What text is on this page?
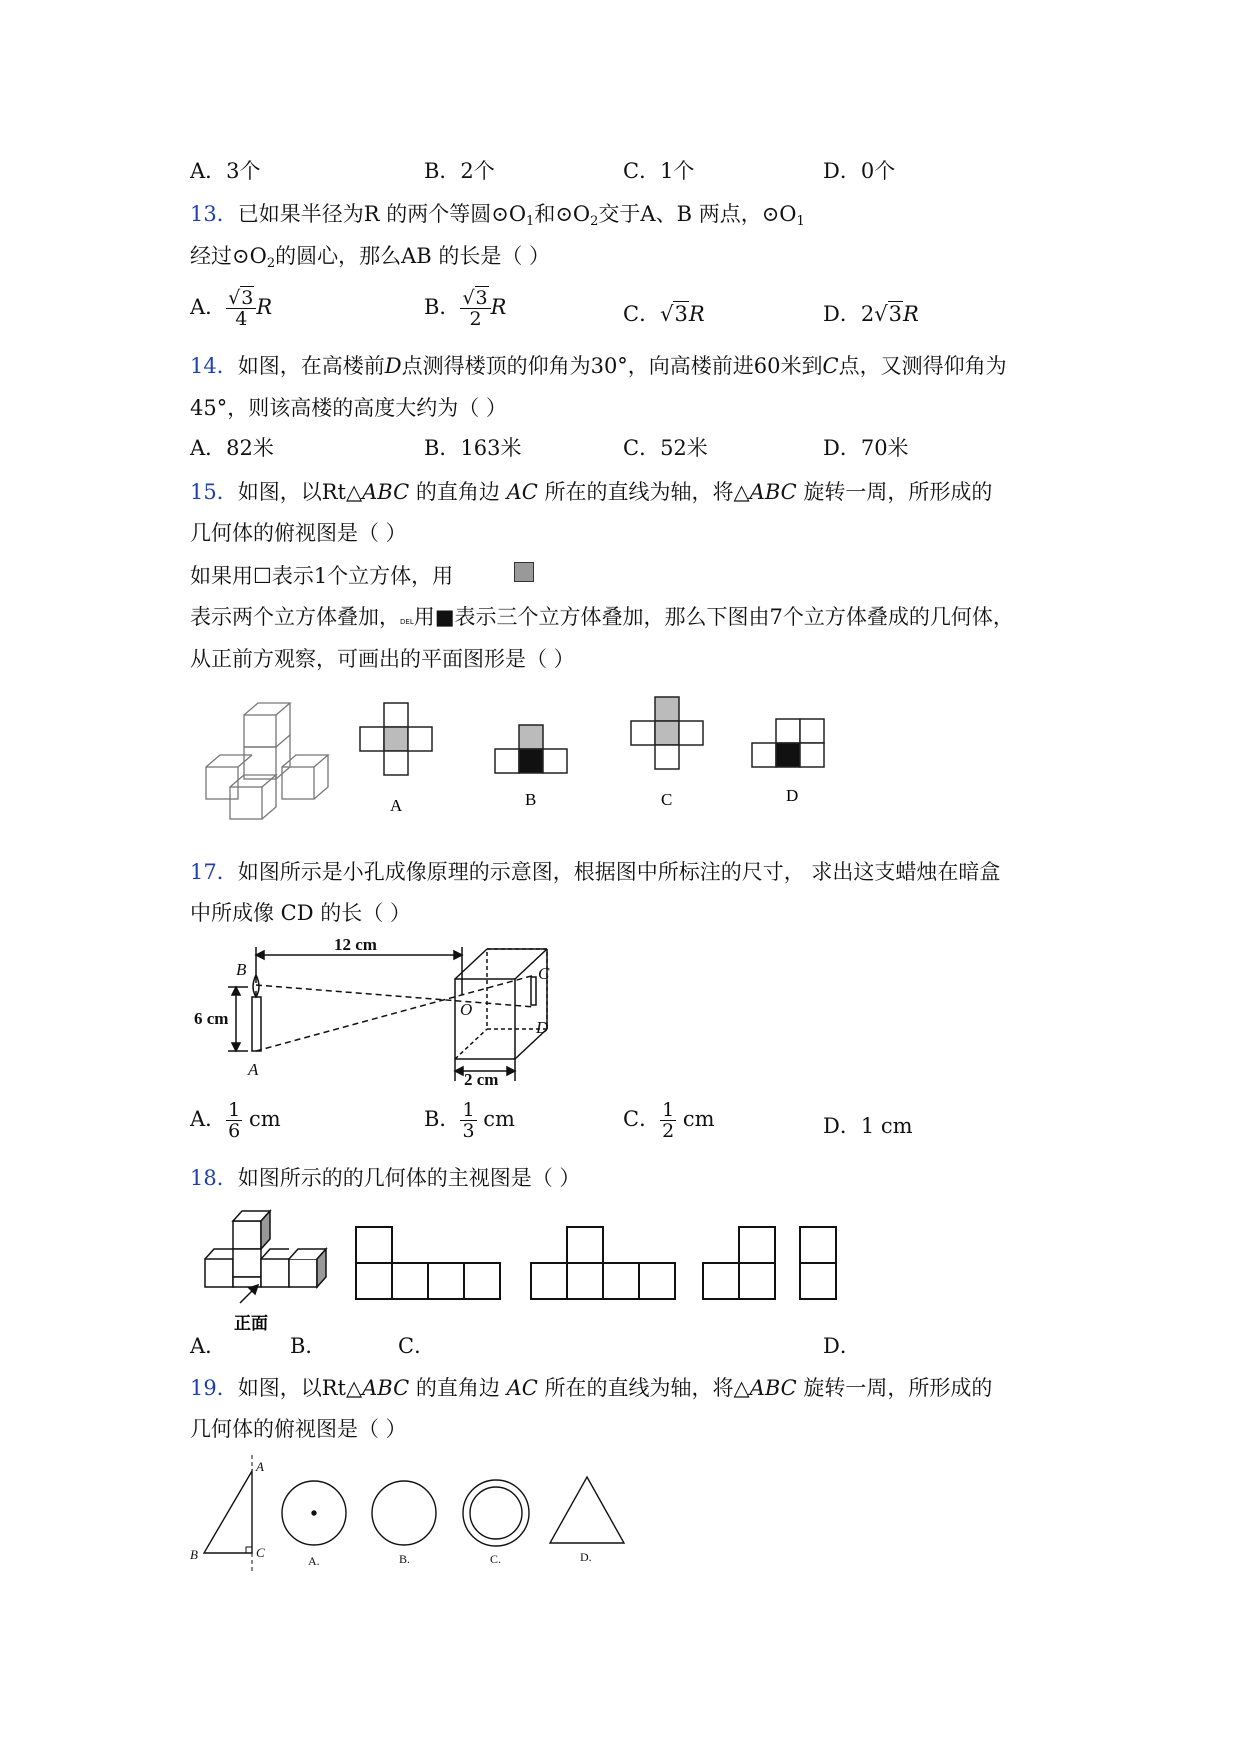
A．3个	B．2个	C．1个	D．0个
13．已如果半径为R 的两个等圆$⊙O_1$和$⊙O_2$交于A、B 两点，$⊙O_1$
经过$⊙O_2$的圆心，那么AB 的长是（ ）
A． $\frac{√3}{4}$ R	B． $\frac{√3}{2}$ R	C．√3R	D．2√3R
14．如图，在高楼前D点测得楼顶的仰角为30°，向高楼前进60米到C点，又测得仰角为
45°，则该高楼的高度大约为（ ）
A．82米	B．163米	C．52米	D．70米
15．如图，以Rt△ABC 的直角边 AC 所在的直线为轴，将△ABC 旋转一周，所形成的
几何体的俯视图是（ ）
如果用☐表示1个立方体，用
表示两个立方体叠加，DEL用■表示三个立方体叠加，那么下图由7个立方体叠成的几何体，
从正前方观察，可画出的平面图形是（ ）
A	B	C	D
17．如图所示是小孔成像原理的示意图，根据图中所标注的尺寸， 求出这支蜡烛在暗盒
中所成像 CD 的长（ ）
12 cm
6 cm
2 cm
B
A
O
C
D
A． $\frac{1}{6}$ cm	B． $\frac{1}{3}$ cm	C． $\frac{1}{2}$ cm	D．1 cm
18．如图所示的的几何体的主视图是（ ）
正面
A．	B．	C．	D．
19．如图，以Rt△ABC 的直角边 AC 所在的直线为轴，将△ABC 旋转一周，所形成的
几何体的俯视图是（ ）
A
B	C
A.	B.	C.	D.
